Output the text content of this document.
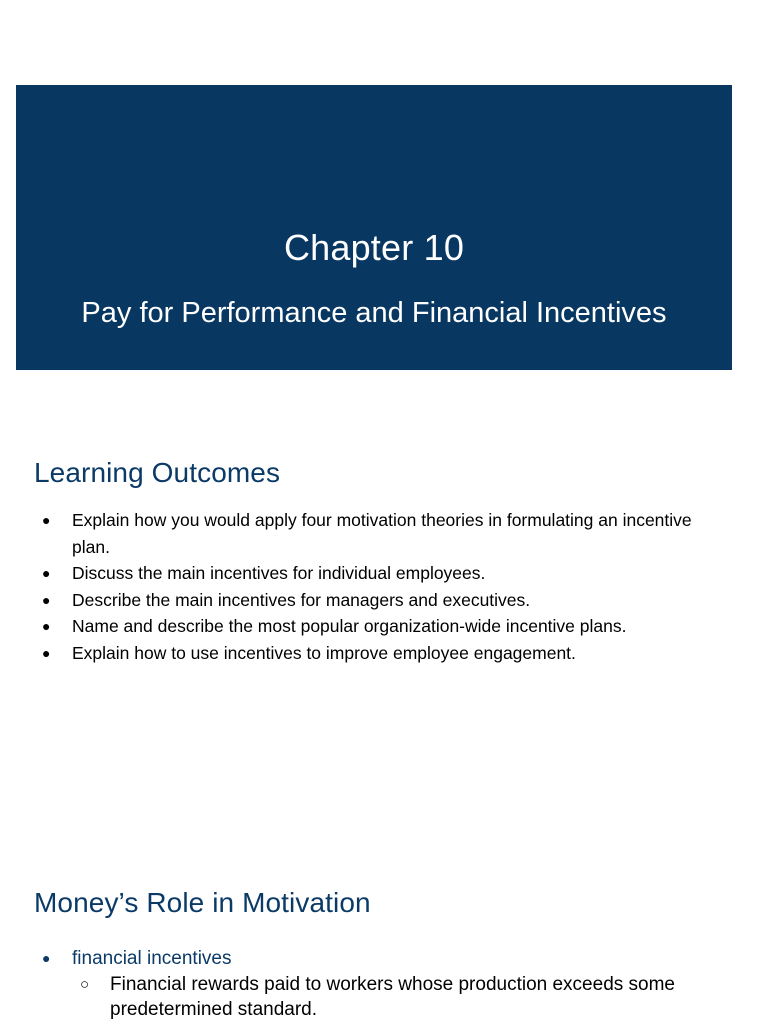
Chapter 10
Pay for Performance and Financial Incentives
Learning Outcomes
●	Explain how you would apply four motivation theories in formulating an incentive plan.
●	Discuss the main incentives for individual employees.
●	Describe the main incentives for managers and executives.
●	Name and describe the most popular organization-wide incentive plans.
●	Explain how to use incentives to improve employee engagement.
Money’s Role in Motivation
● financial incentives
○ Financial rewards paid to workers whose production exceeds some predetermined standard.
